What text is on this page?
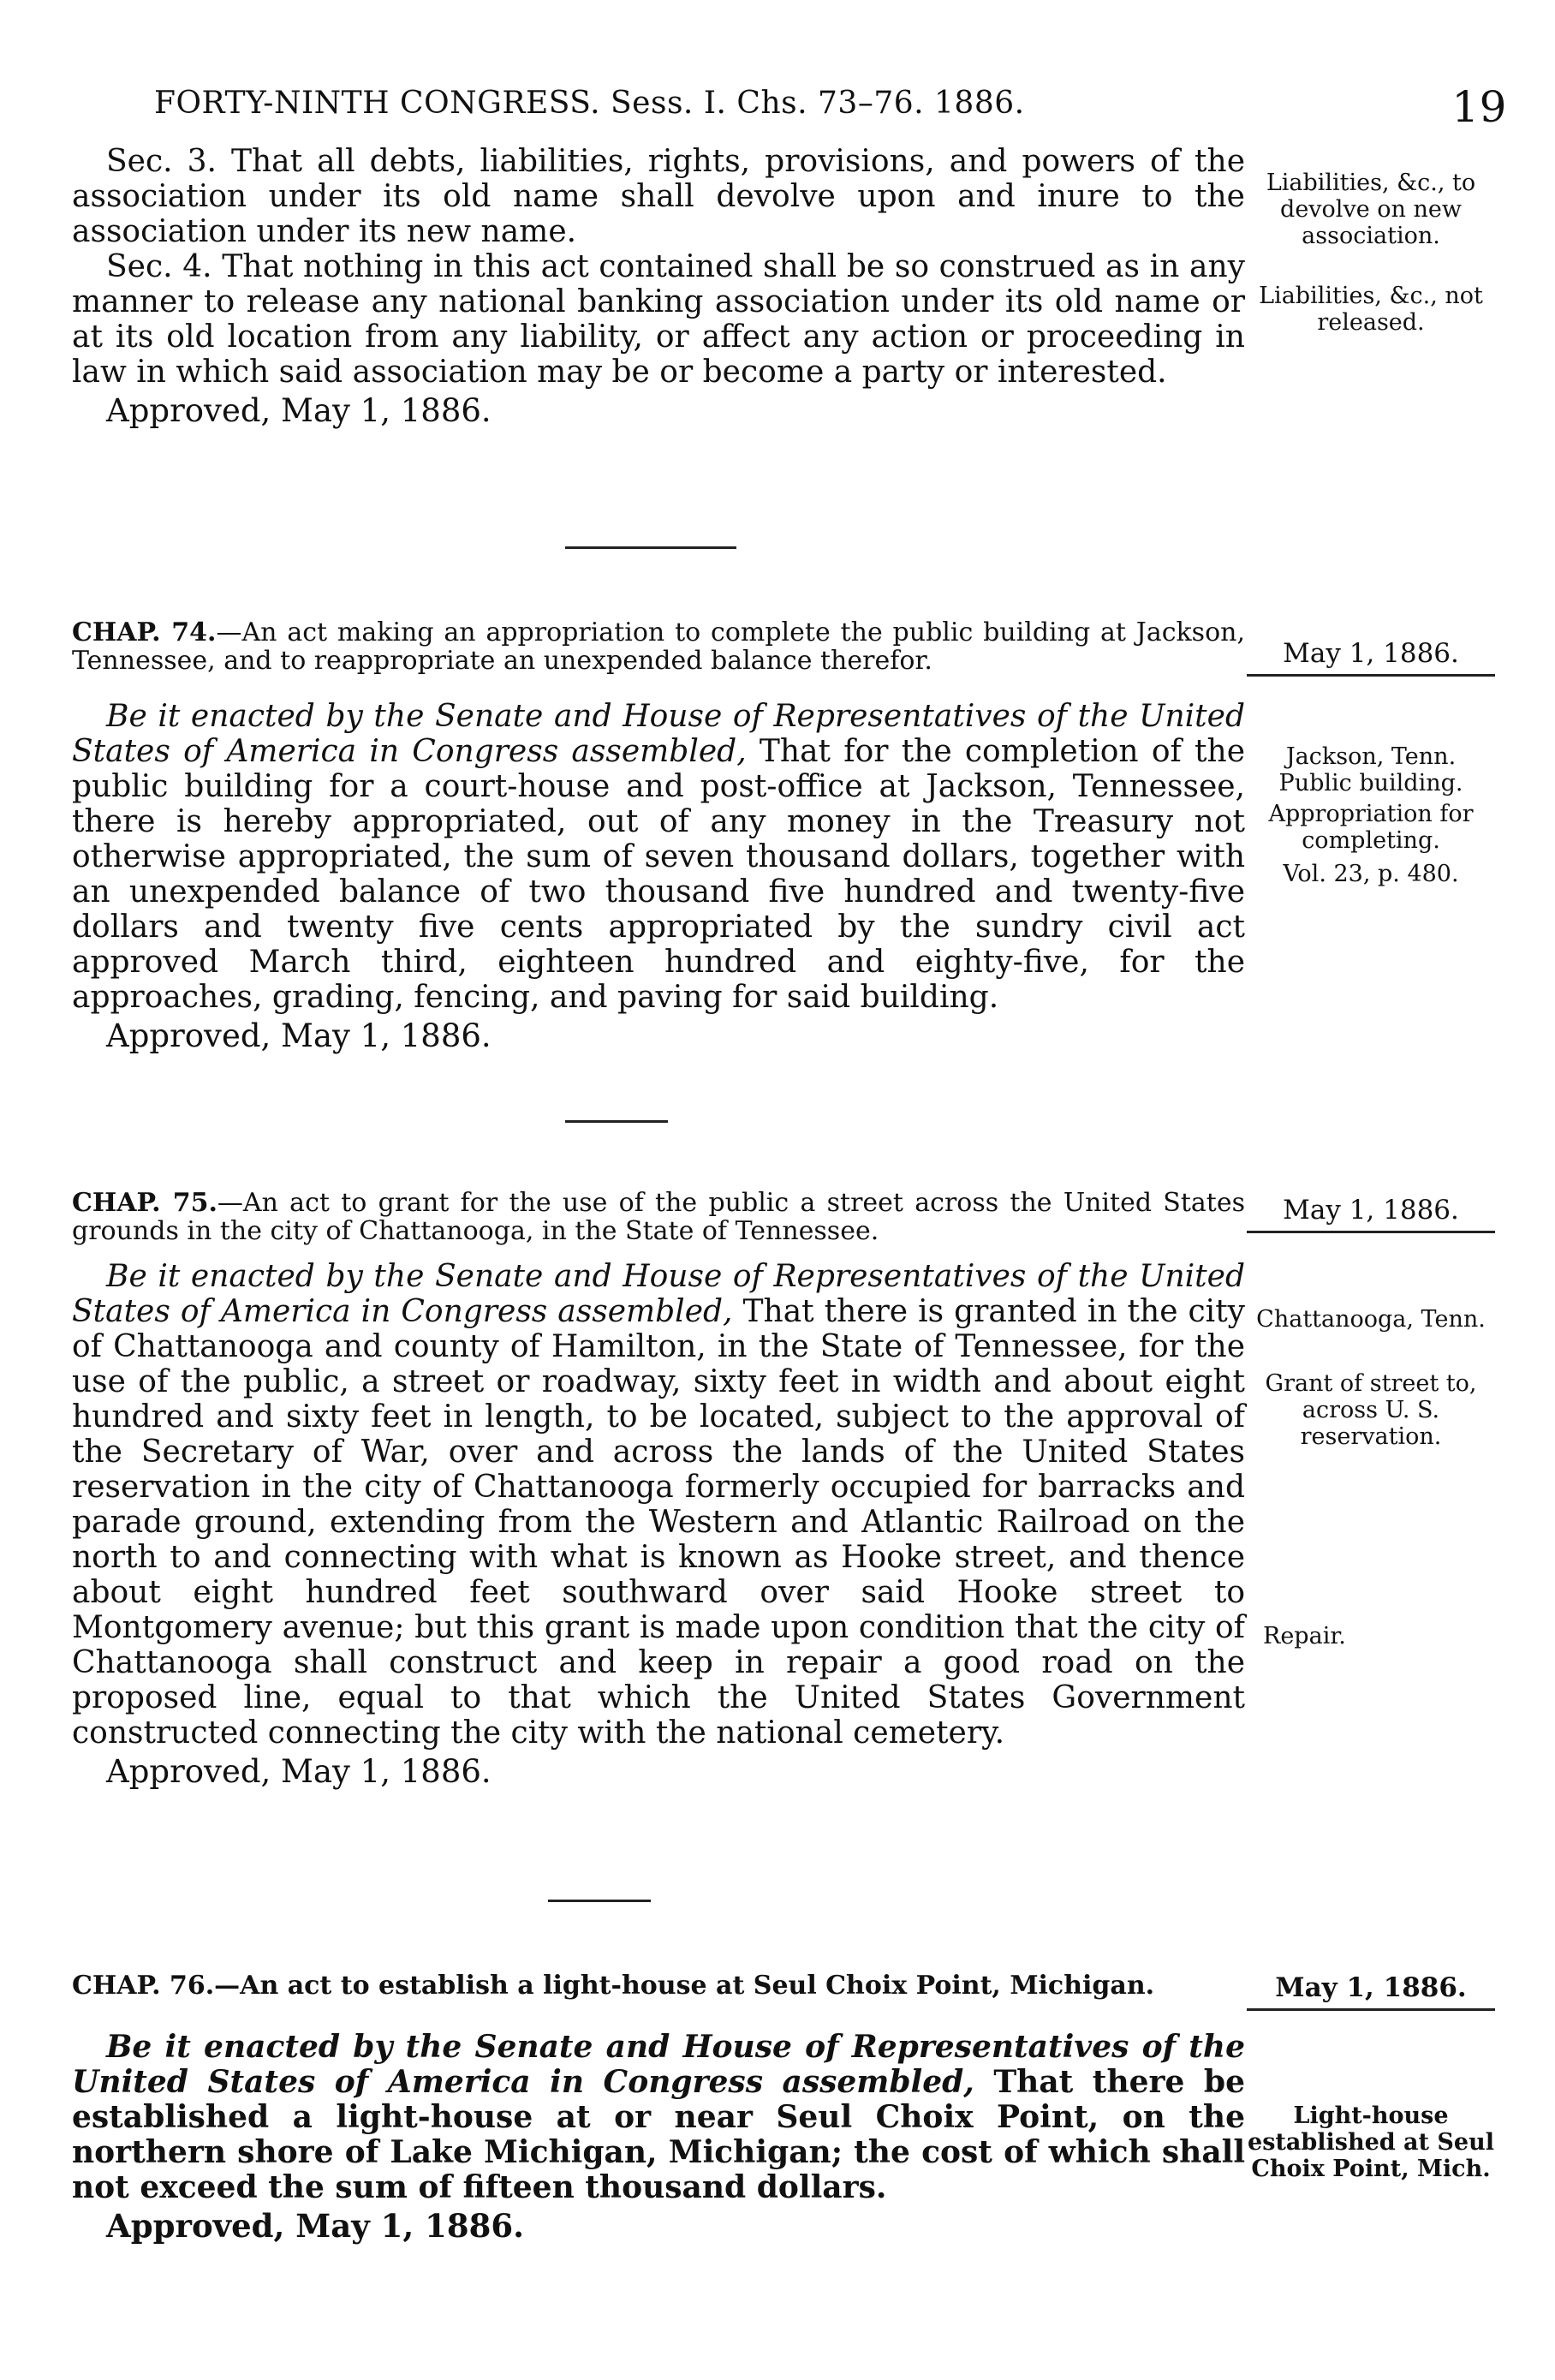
FORTY-NINTH CONGRESS. Sess. I. Chs. 73–76. 1886.	19

Sec. 3. That all debts, liabilities, rights, provisions, and powers of the association under its old name shall devolve upon and inure to the association under its new name.

Sec. 4. That nothing in this act contained shall be so construed as in any manner to release any national banking association under its old name or at its old location from any liability, or affect any action or proceeding in law in which said association may be or become a party or interested.

Approved, May 1, 1886.

Liabilities, &c., to devolve on new association.
Liabilities, &c., not released.

CHAP. 74.—An act making an appropriation to complete the public building at Jackson, Tennessee, and to reappropriate an unexpended balance therefor.	May 1, 1886.

Be it enacted by the Senate and House of Representatives of the United States of America in Congress assembled, That for the completion of the public building for a court-house and post-office at Jackson, Tennessee, there is hereby appropriated, out of any money in the Treasury not otherwise appropriated, the sum of seven thousand dollars, together with an unexpended balance of two thousand five hundred and twenty-five dollars and twenty five cents appropriated by the sundry civil act approved March third, eighteen hundred and eighty-five, for the approaches, grading, fencing, and paving for said building.

Approved, May 1, 1886.

Jackson, Tenn. Public building.
Appropriation for completing.
Vol. 23, p. 480.

CHAP. 75.—An act to grant for the use of the public a street across the United States grounds in the city of Chattanooga, in the State of Tennessee.

May 1, 1886.

Be it enacted by the Senate and House of Representatives of the United States of America in Congress assembled, That there is granted in the city of Chattanooga and county of Hamilton, in the State of Tennessee, for the use of the public, a street or roadway, sixty feet in width and about eight hundred and sixty feet in length, to be located, subject to the approval of the Secretary of War, over and across the lands of the United States reservation in the city of Chattanooga formerly occupied for barracks and parade ground, extending from the Western and Atlantic Railroad on the north to and connecting with what is known as Hooke street, and thence about eight hundred feet southward over said Hooke street to Montgomery avenue; but this grant is made upon condition that the city of Chattanooga shall construct and keep in repair a good road on the proposed line, equal to that which the United States Government constructed connecting the city with the national cemetery.

Approved, May 1, 1886.

Chattanooga, Tenn.
Grant of street to, across U. S. reservation.
Repair.

CHAP. 76.—An act to establish a light-house at Seul Choix Point, Michigan.	May 1, 1886.

Be it enacted by the Senate and House of Representatives of the United States of America in Congress assembled, That there be established a light-house at or near Seul Choix Point, on the northern shore of Lake Michigan, Michigan; the cost of which shall not exceed the sum of fifteen thousand dollars.

Approved, May 1, 1886.

Light-house established at Seul Choix Point, Mich.
